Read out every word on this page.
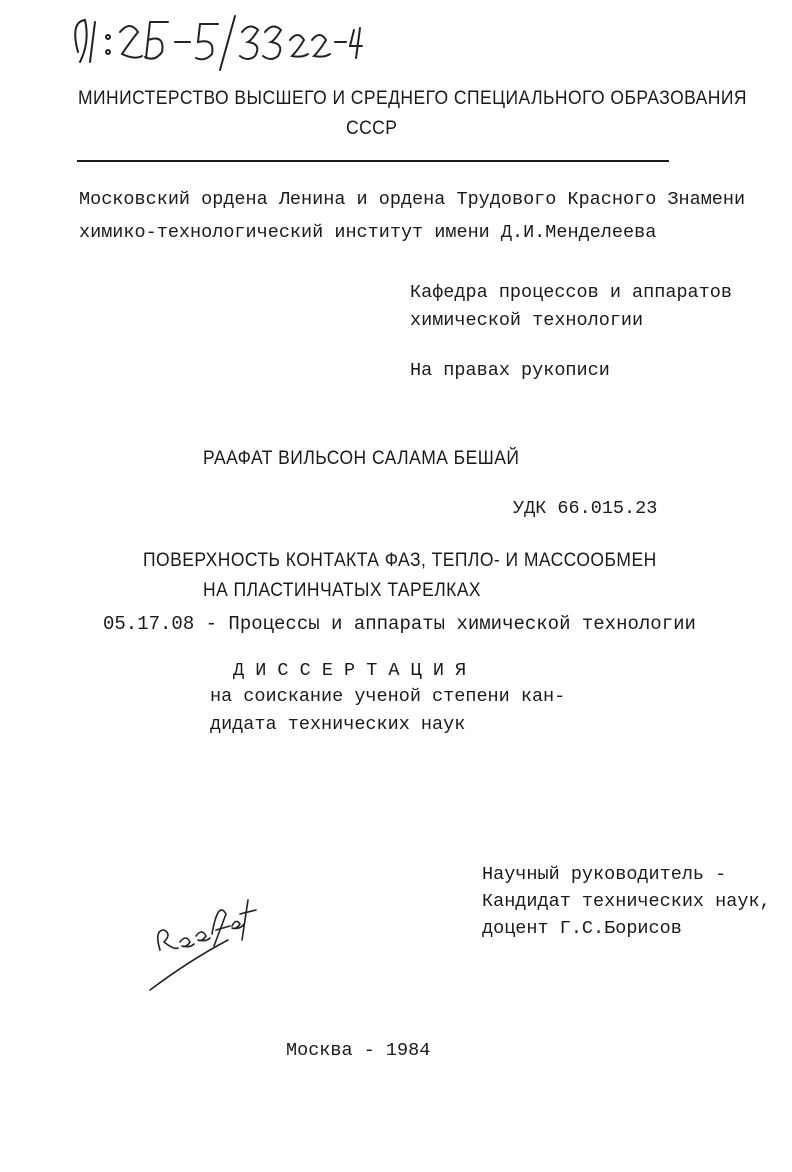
МИНИСТЕРСТВО ВЫСШЕГО И СРЕДНЕГО СПЕЦИАЛЬНОГО ОБРАЗОВАНИЯ
СССР
Московский ордена Ленина и ордена Трудового Красного Знамени
химико-технологический институт имени Д.И.Менделеева
Кафедра процессов и аппаратов
химической технологии
На правах рукописи
РААФАТ ВИЛЬСОН САЛАМА БЕШАЙ
УДК 66.015.23
ПОВЕРХНОСТЬ КОНТАКТА ФАЗ, ТЕПЛО- И МАССООБМЕН
НА ПЛАСТИНЧАТЫХ ТАРЕЛКАХ
05.17.08 - Процессы и аппараты химической технологии
Д И С С Е Р Т А Ц И Я
на соискание ученой степени кан-
дидата технических наук
Научный руководитель -
Кандидат технических наук,
доцент Г.С.Борисов
Москва - 1984
